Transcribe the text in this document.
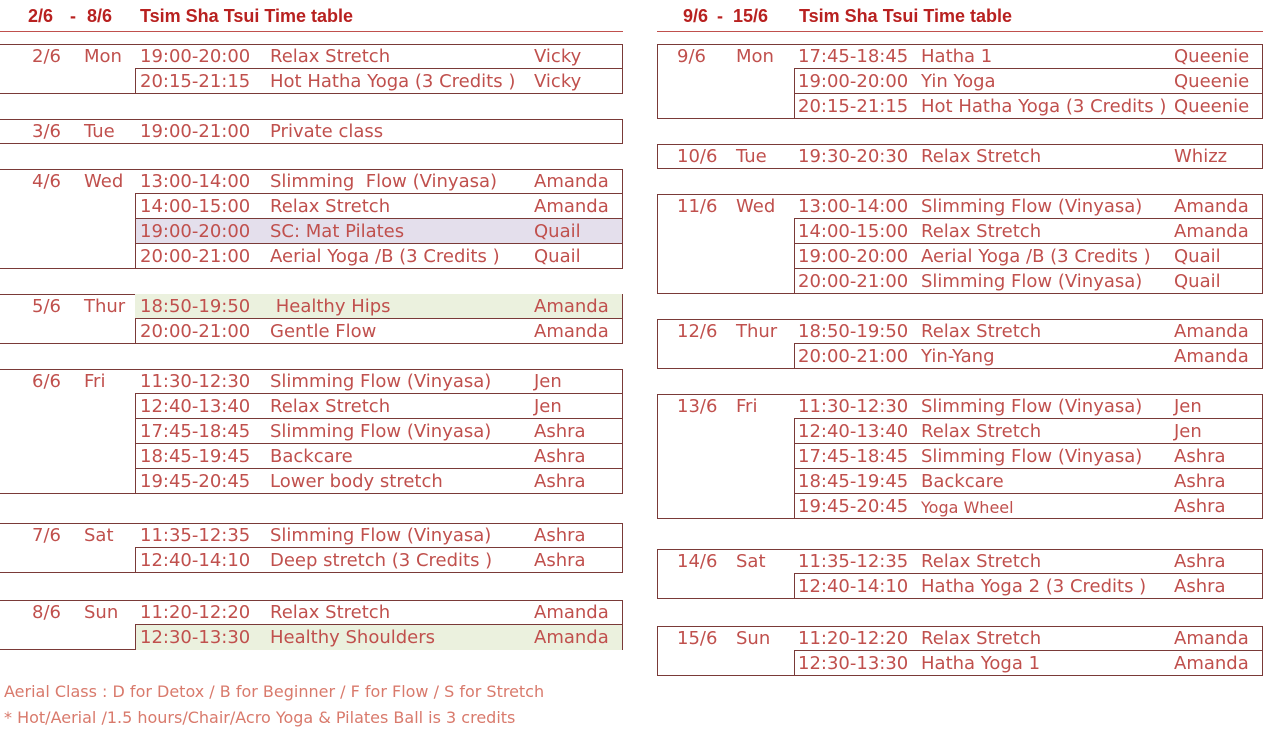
2/6 - 8/6 Tsim Sha Tsui Time table
2/6 Mon 19:00-20:00 Relax Stretch	Vicky
20:15-21:15 Hot Hatha Yoga (3 Credits ) Vicky
3/6 Tue 19:00-21:00 Private class
4/6 Wed 13:00-14:00 Slimming  Flow (Vinyasa) Amanda
14:00-15:00 Relax Stretch	Amanda
19:00-20:00 SC: Mat Pilates	Quail
20:00-21:00 Aerial Yoga /B (3 Credits ) Quail
5/6 Thur 18:50-19:50 Healthy Hips	Amanda
20:00-21:00 Gentle Flow	Amanda
6/6 Fri 11:30-12:30 Slimming Flow (Vinyasa) Jen
12:40-13:40 Relax Stretch	Jen
17:45-18:45 Slimming Flow (Vinyasa) Ashra
18:45-19:45 Backcare	Ashra
19:45-20:45 Lower body stretch	Ashra
7/6 Sat 11:35-12:35 Slimming Flow (Vinyasa) Ashra
12:40-14:10 Deep stretch (3 Credits ) Ashra
8/6 Sun 11:20-12:20 Relax Stretch	Amanda
12:30-13:30 Healthy Shoulders	Amanda
9/6 - 15/6 Tsim Sha Tsui Time table
9/6 Mon 17:45-18:45 Hatha 1	Queenie
19:00-20:00 Yin Yoga	Queenie
20:15-21:15 Hot Hatha Yoga (3 Credits ) Queenie
10/6 Tue 19:30-20:30 Relax Stretch	Whizz
11/6 Wed 13:00-14:00 Slimming Flow (Vinyasa) Amanda
14:00-15:00 Relax Stretch	Amanda
19:00-20:00 Aerial Yoga /B (3 Credits ) Quail
20:00-21:00 Slimming Flow (Vinyasa) Quail
12/6 Thur 18:50-19:50 Relax Stretch	Amanda
20:00-21:00 Yin-Yang	Amanda
13/6 Fri 11:30-12:30 Slimming Flow (Vinyasa) Jen
12:40-13:40 Relax Stretch	Jen
17:45-18:45 Slimming Flow (Vinyasa) Ashra
18:45-19:45 Backcare	Ashra
19:45-20:45 Yoga Wheel	Ashra
14/6 Sat 11:35-12:35 Relax Stretch	Ashra
12:40-14:10 Hatha Yoga 2 (3 Credits ) Ashra
15/6 Sun 11:20-12:20 Relax Stretch	Amanda
12:30-13:30 Hatha Yoga 1	Amanda
Aerial Class : D for Detox / B for Beginner / F for Flow / S for Stretch
* Hot/Aerial /1.5 hours/Chair/Acro Yoga & Pilates Ball is 3 credits
